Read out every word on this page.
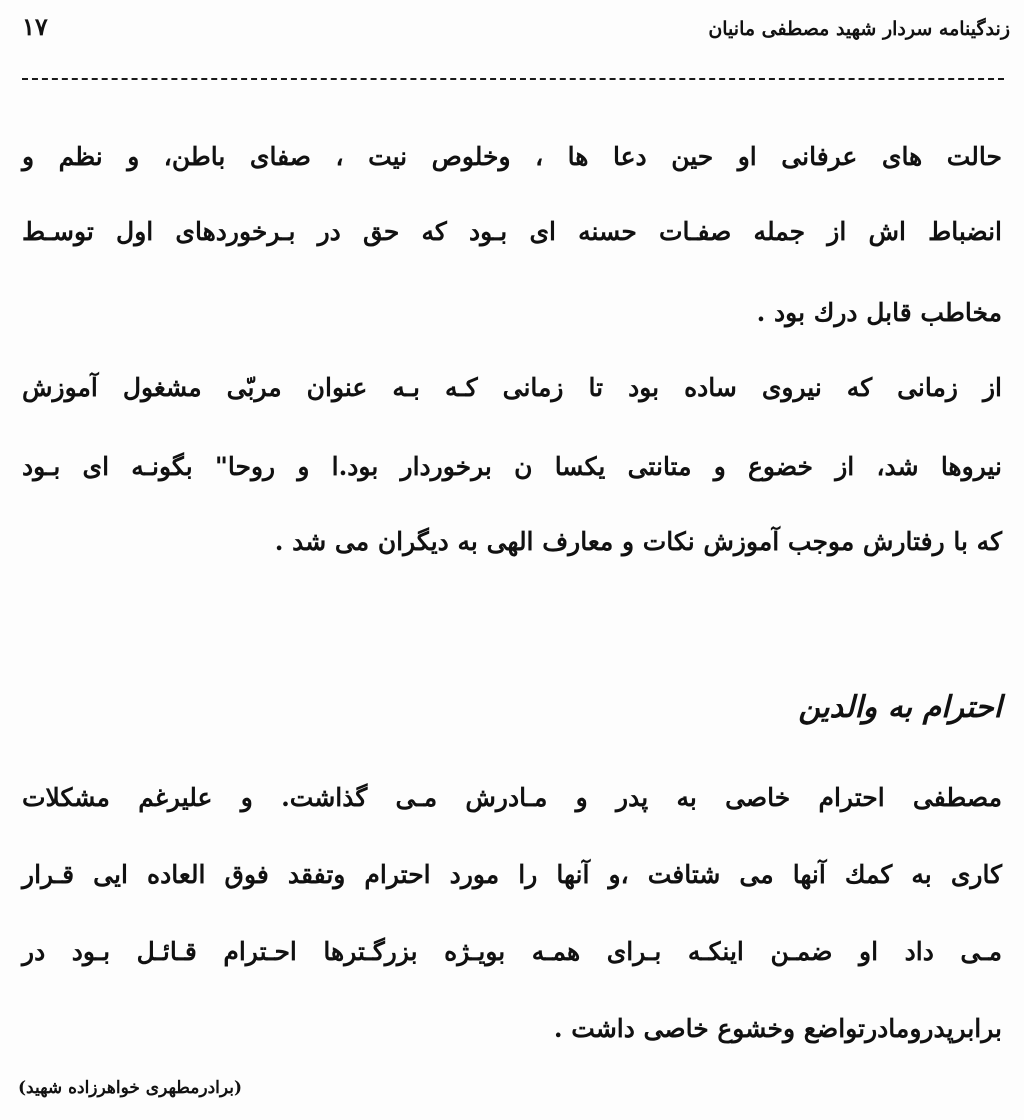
۱۷	زندگینامه سردار شهید مصطفی مانیان
حالت های عرفانی او حین دعا ها ، وخلوص نیت ، صفای باطن، و نظم و
انضباط اش از جمله صفـات حسنه ای بـود که حق در بـرخوردهای اول توسـط
مخاطب قابل درك بود .
از زمانی که نیروی ساده بود تا زمانی کـه بـه عنوان مربّی مشغول آموزش
نیروها شد، از خضوع و متانتی یکسا ن برخوردار بود.ا و روحا" بگونـه ای بـود
که با رفتارش موجب آموزش نکات و معارف الهی به دیگران می شد .
احترام به والدین
مصطفی احترام خاصی به پدر و مـادرش مـی گذاشت. و علیرغم مشکلات
کاری به کمك آنها می شتافت ،و آنها را مورد احترام وتفقد فوق العاده ایی قـرار
مـی داد او ضمـن اینکـه بـرای همـه بویـژه بزرگـترها احـترام قـائـل بـود در
برابرپدرومادرتواضع وخشوع خاصی داشت .
(برادرمطهری خواهرزاده شهید)
